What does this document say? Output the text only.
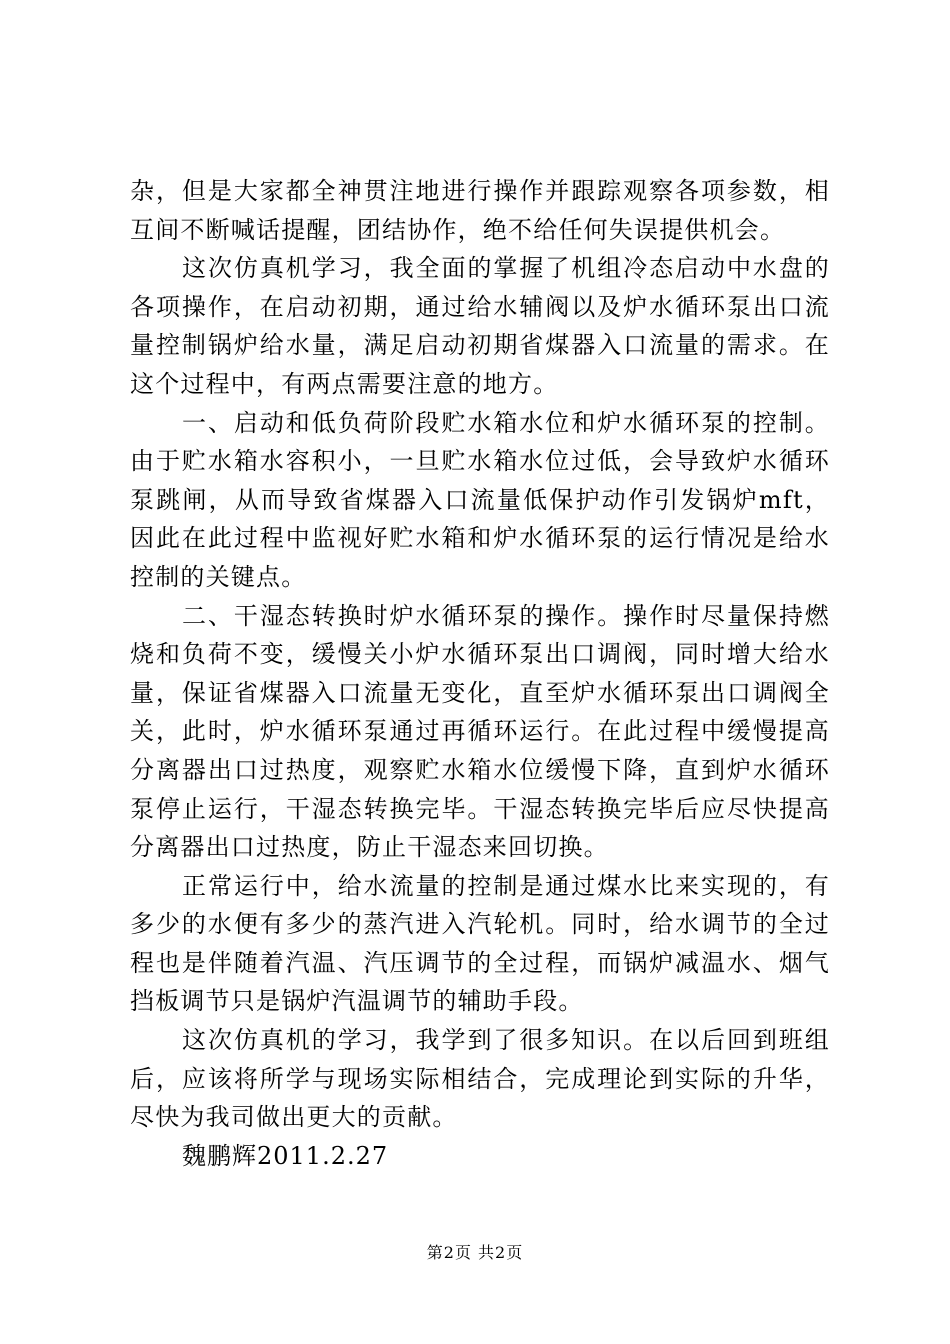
杂，但是大家都全神贯注地进行操作并跟踪观察各项参数，相互间不断喊话提醒，团结协作，绝不给任何失误提供机会。

这次仿真机学习，我全面的掌握了机组冷态启动中水盘的各项操作，在启动初期，通过给水辅阀以及炉水循环泵出口流量控制锅炉给水量，满足启动初期省煤器入口流量的需求。在这个过程中，有两点需要注意的地方。

一、启动和低负荷阶段贮水箱水位和炉水循环泵的控制。由于贮水箱水容积小，一旦贮水箱水位过低，会导致炉水循环泵跳闸，从而导致省煤器入口流量低保护动作引发锅炉mft，因此在此过程中监视好贮水箱和炉水循环泵的运行情况是给水控制的关键点。

二、干湿态转换时炉水循环泵的操作。操作时尽量保持燃烧和负荷不变，缓慢关小炉水循环泵出口调阀，同时增大给水量，保证省煤器入口流量无变化，直至炉水循环泵出口调阀全关，此时，炉水循环泵通过再循环运行。在此过程中缓慢提高分离器出口过热度，观察贮水箱水位缓慢下降，直到炉水循环泵停止运行，干湿态转换完毕。干湿态转换完毕后应尽快提高分离器出口过热度，防止干湿态来回切换。

正常运行中，给水流量的控制是通过煤水比来实现的，有多少的水便有多少的蒸汽进入汽轮机。同时，给水调节的全过程也是伴随着汽温、汽压调节的全过程，而锅炉减温水、烟气挡板调节只是锅炉汽温调节的辅助手段。

这次仿真机的学习，我学到了很多知识。在以后回到班组后，应该将所学与现场实际相结合，完成理论到实际的升华，尽快为我司做出更大的贡献。

魏鹏辉2011.2.27

第2页 共2页
